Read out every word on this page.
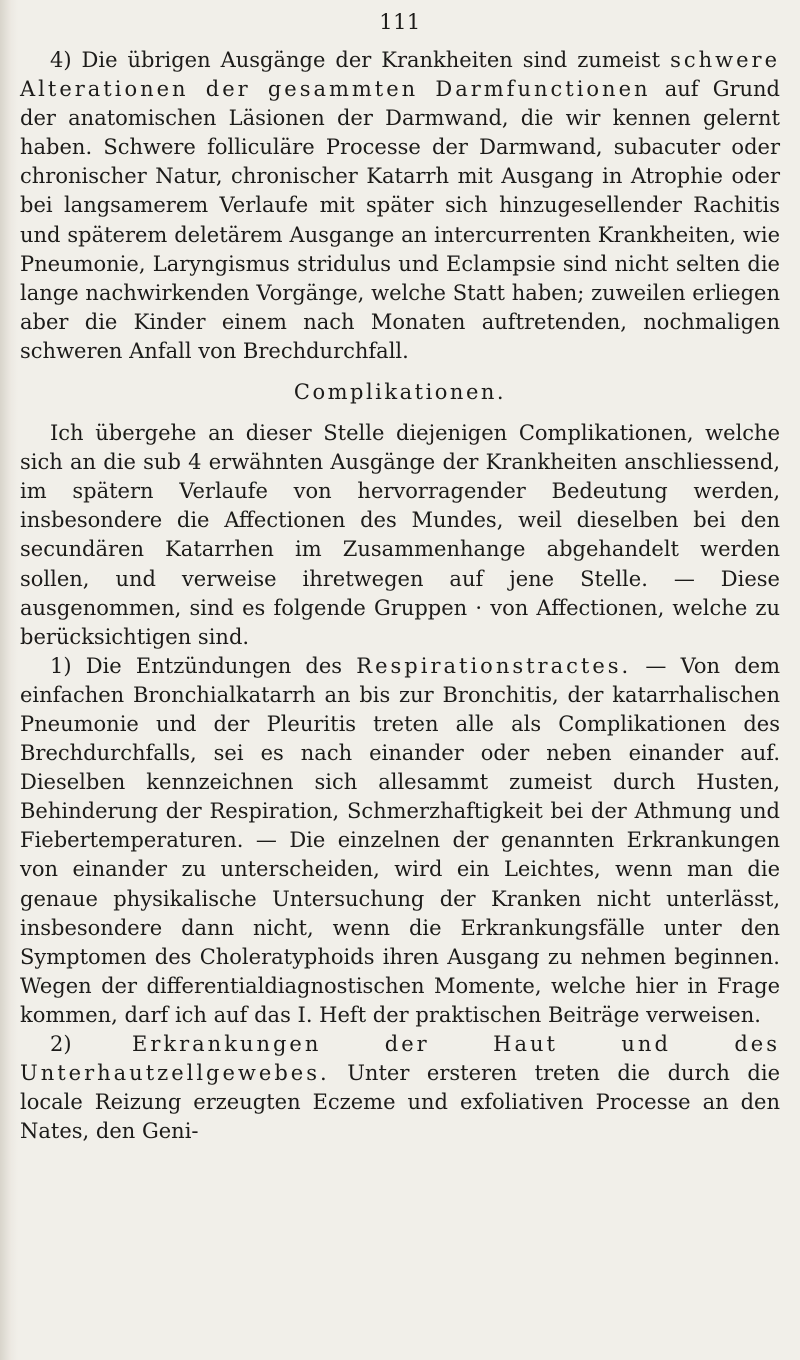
111

4) Die übrigen Ausgänge der Krankheiten sind zumeist schwere Alterationen der gesammten Darmfunctionen auf Grund der anatomischen Läsionen der Darmwand, die wir kennen gelernt haben. Schwere folliculäre Processe der Darmwand, subacuter oder chronischer Natur, chronischer Katarrh mit Ausgang in Atrophie oder bei langsamerem Verlaufe mit später sich hinzugesellender Rachitis und späterem deletärem Ausgange an intercurrenten Krankheiten, wie Pneumonie, Laryngismus stridulus und Eclampsie sind nicht selten die lange nachwirkenden Vorgänge, welche Statt haben; zuweilen erliegen aber die Kinder einem nach Monaten auftretenden, nochmaligen schweren Anfall von Brechdurchfall.

Complikationen.

Ich übergehe an dieser Stelle diejenigen Complikationen, welche sich an die sub 4 erwähnten Ausgänge der Krankheiten anschliessend, im spätern Verlaufe von hervorragender Bedeutung werden, insbesondere die Affectionen des Mundes, weil dieselben bei den secundären Katarrhen im Zusammenhange abgehandelt werden sollen, und verweise ihretwegen auf jene Stelle. — Diese ausgenommen, sind es folgende Gruppen · von Affectionen, welche zu berücksichtigen sind.

1) Die Entzündungen des Respirationstractes. — Von dem einfachen Bronchialkatarrh an bis zur Bronchitis, der katarrhalischen Pneumonie und der Pleuritis treten alle als Complikationen des Brechdurchfalls, sei es nach einander oder neben einander auf. Dieselben kennzeichnen sich allesammt zumeist durch Husten, Behinderung der Respiration, Schmerzhaftigkeit bei der Athmung und Fiebertemperaturen. — Die einzelnen der genannten Erkrankungen von einander zu unterscheiden, wird ein Leichtes, wenn man die genaue physikalische Untersuchung der Kranken nicht unterlässt, insbesondere dann nicht, wenn die Erkrankungsfälle unter den Symptomen des Choleratyphoids ihren Ausgang zu nehmen beginnen. Wegen der differentialdiagnostischen Momente, welche hier in Frage kommen, darf ich auf das I. Heft der praktischen Beiträge verweisen.

2) Erkrankungen der Haut und des Unterhautzellgewebes. Unter ersteren treten die durch die locale Reizung erzeugten Eczeme und exfoliativen Processe an den Nates, den Geni-
